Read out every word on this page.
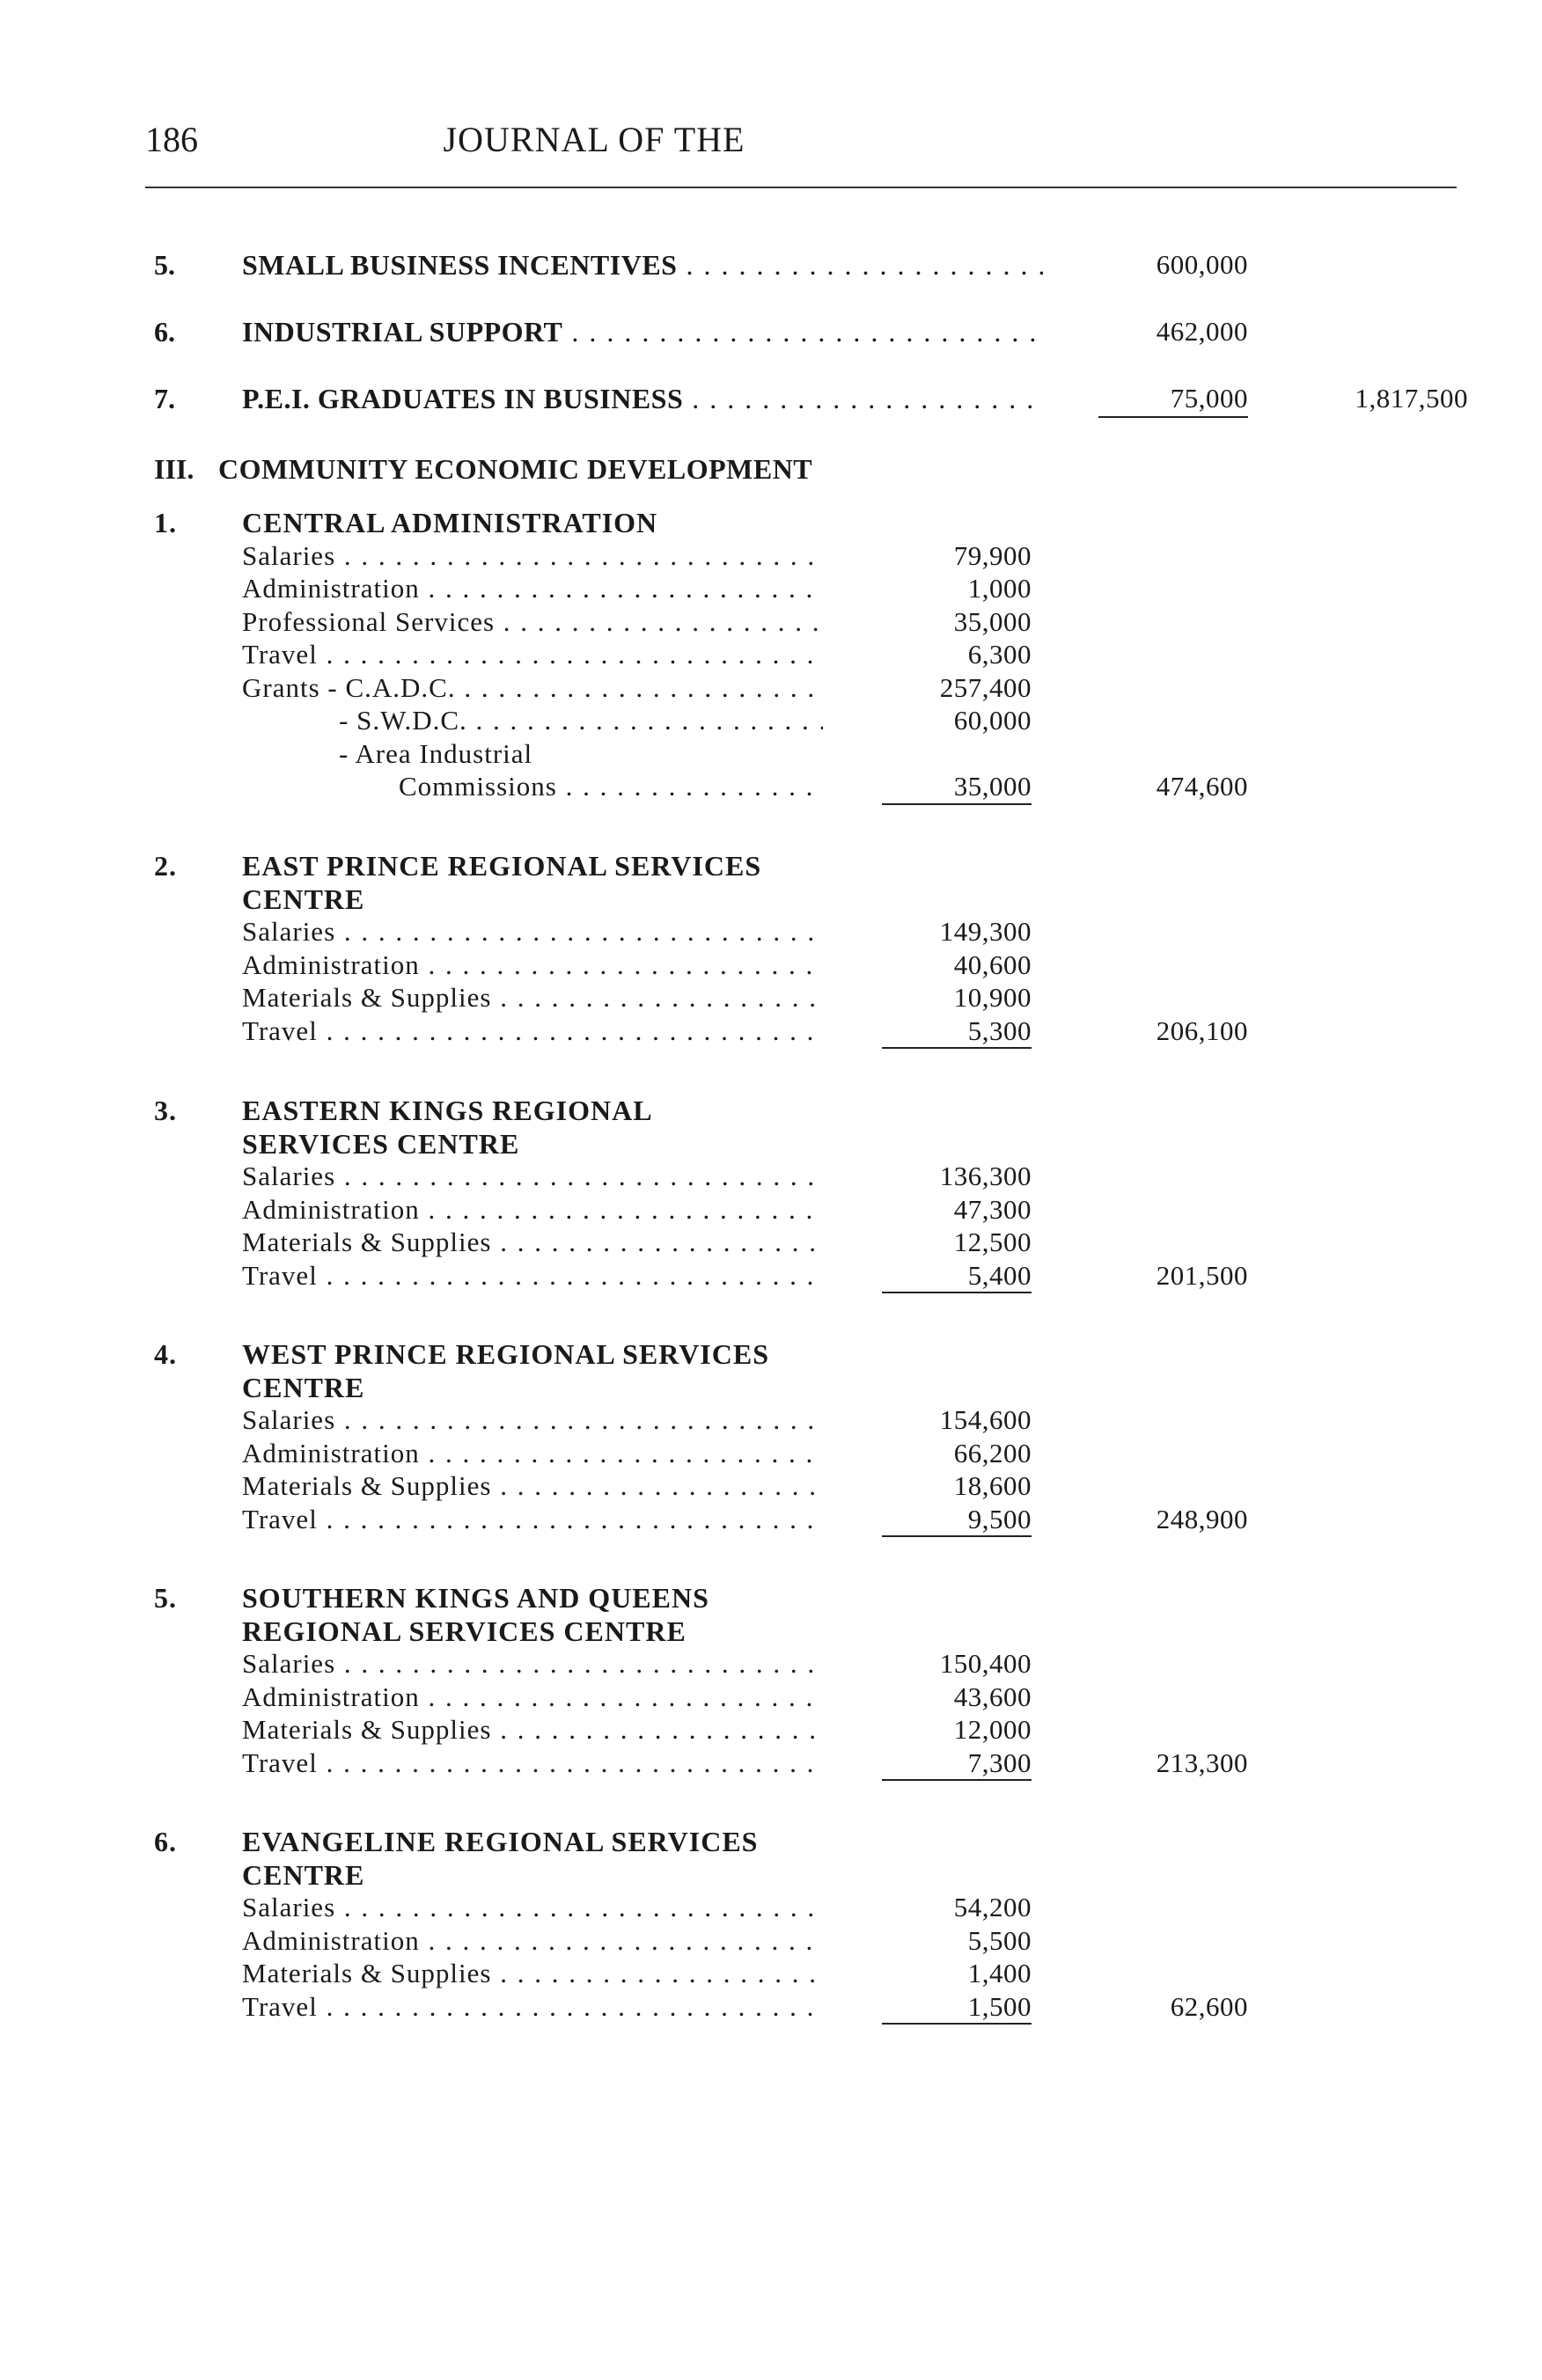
186	JOURNAL OF THE
5. SMALL BUSINESS INCENTIVES . . .	600,000
6. INDUSTRIAL SUPPORT . . .	462,000
7. P.E.I. GRADUATES IN BUSINESS . . .	75,000	1,817,500
III. COMMUNITY ECONOMIC DEVELOPMENT
1. CENTRAL ADMINISTRATION
Salaries . . .	79,900
Administration . . .	1,000
Professional Services . . .	35,000
Travel . . .	6,300
Grants - C.A.D.C. . . .	257,400
- S.W.D.C. . . .	60,000
- Area Industrial
Commissions . . .	35,000	474,600
2. EAST PRINCE REGIONAL SERVICES
CENTRE
Salaries . . .	149,300
Administration . . .	40,600
Materials & Supplies . . .	10,900
Travel . . .	5,300	206,100
3. EASTERN KINGS REGIONAL
SERVICES CENTRE
Salaries . . .	136,300
Administration . . .	47,300
Materials & Supplies . . .	12,500
Travel . . .	5,400	201,500
4. WEST PRINCE REGIONAL SERVICES
CENTRE
Salaries . . .	154,600
Administration . . .	66,200
Materials & Supplies . . .	18,600
Travel . . .	9,500	248,900
5. SOUTHERN KINGS AND QUEENS
REGIONAL SERVICES CENTRE
Salaries . . .	150,400
Administration . . .	43,600
Materials & Supplies . . .	12,000
Travel . . .	7,300	213,300
6. EVANGELINE REGIONAL SERVICES
CENTRE
Salaries . . .	54,200
Administration . . .	5,500
Materials & Supplies . . .	1,400
Travel . . .	1,500	62,600
